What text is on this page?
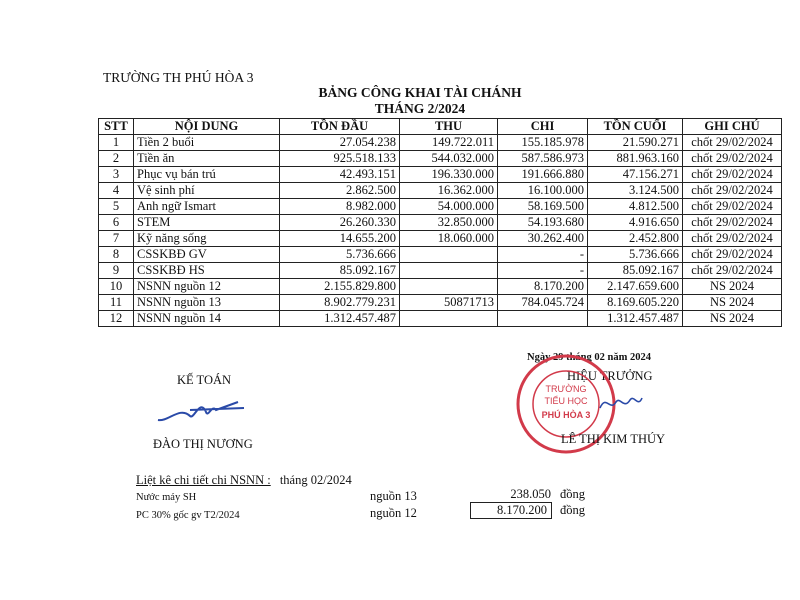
TRƯỜNG TH PHÚ HÒA 3
BẢNG CÔNG KHAI TÀI CHÁNH
THÁNG 2/2024
STT	NỘI DUNG	TỒN ĐẦU	THU	CHI	TỒN CUỐI	GHI CHÚ
1	Tiền 2 buổi	27.054.238	149.722.011	155.185.978	21.590.271	chốt 29/02/2024
2	Tiền ăn	925.518.133	544.032.000	587.586.973	881.963.160	chốt 29/02/2024
3	Phục vụ bán trú	42.493.151	196.330.000	191.666.880	47.156.271	chốt 29/02/2024
4	Vệ sinh phí	2.862.500	16.362.000	16.100.000	3.124.500	chốt 29/02/2024
5	Anh ngữ Ismart	8.982.000	54.000.000	58.169.500	4.812.500	chốt 29/02/2024
6	STEM	26.260.330	32.850.000	54.193.680	4.916.650	chốt 29/02/2024
7	Kỹ năng sống	14.655.200	18.060.000	30.262.400	2.452.800	chốt 29/02/2024
8	CSSKBĐ GV	5.736.666		-	5.736.666	chốt 29/02/2024
9	CSSKBĐ HS	85.092.167		-	85.092.167	chốt 29/02/2024
10	NSNN nguồn 12	2.155.829.800		8.170.200	2.147.659.600	NS 2024
11	NSNN nguồn 13	8.902.779.231	50871713	784.045.724	8.169.605.220	NS 2024
12	NSNN nguồn 14	1.312.457.487			1.312.457.487	NS 2024
Ngày 29 tháng 02 năm 2024
KẾ TOÁN	HIỆU TRƯỞNG
TRƯỜNG
TIỂU HỌC
PHÚ HÒA 3
ĐÀO THỊ NƯƠNG	LÊ THỊ KIM THÚY
Liệt kê chi tiết chi NSNN : tháng 02/2024
Nước máy SH	nguồn 13	238.050 đồng
PC 30% gốc gv T2/2024	nguồn 12	8.170.200	đồng
